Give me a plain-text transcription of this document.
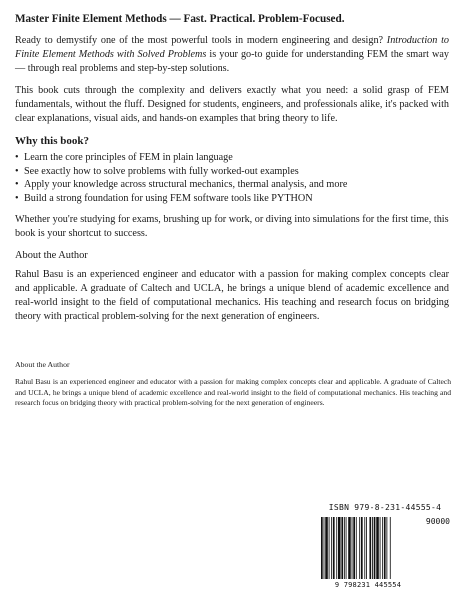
Master Finite Element Methods — Fast. Practical. Problem-Focused.

Ready to demystify one of the most powerful tools in modern engineering and design? Introduction to Finite Element Methods with Solved Problems is your go-to guide for understanding FEM the smart way — through real problems and step-by-step solutions.

This book cuts through the complexity and delivers exactly what you need: a solid grasp of FEM fundamentals, without the fluff. Designed for students, engineers, and professionals alike, it's packed with clear explanations, visual aids, and hands-on examples that bring theory to life.

Why this book?

• Learn the core principles of FEM in plain language
• See exactly how to solve problems with fully worked-out examples
• Apply your knowledge across structural mechanics, thermal analysis, and more
• Build a strong foundation for using FEM software tools like PYTHON

Whether you're studying for exams, brushing up for work, or diving into simulations for the first time, this book is your shortcut to success.

About the Author

Rahul Basu is an experienced engineer and educator with a passion for making complex concepts clear and applicable. A graduate of Caltech and UCLA, he brings a unique blend of academic excellence and real-world insight to the field of computational mechanics. His teaching and research focus on bridging theory with practical problem-solving for the next generation of engineers.

About the Author

Rahul Basu is an experienced engineer and educator with a passion for making complex concepts clear and applicable. A graduate of Caltech and UCLA, he brings a unique blend of academic excellence and real-world insight to the field of computational mechanics. His teaching and research focus on bridging theory with practical problem-solving for the next generation of engineers.

ISBN 979-8-231-44555-4
90000
9 798231 445554
